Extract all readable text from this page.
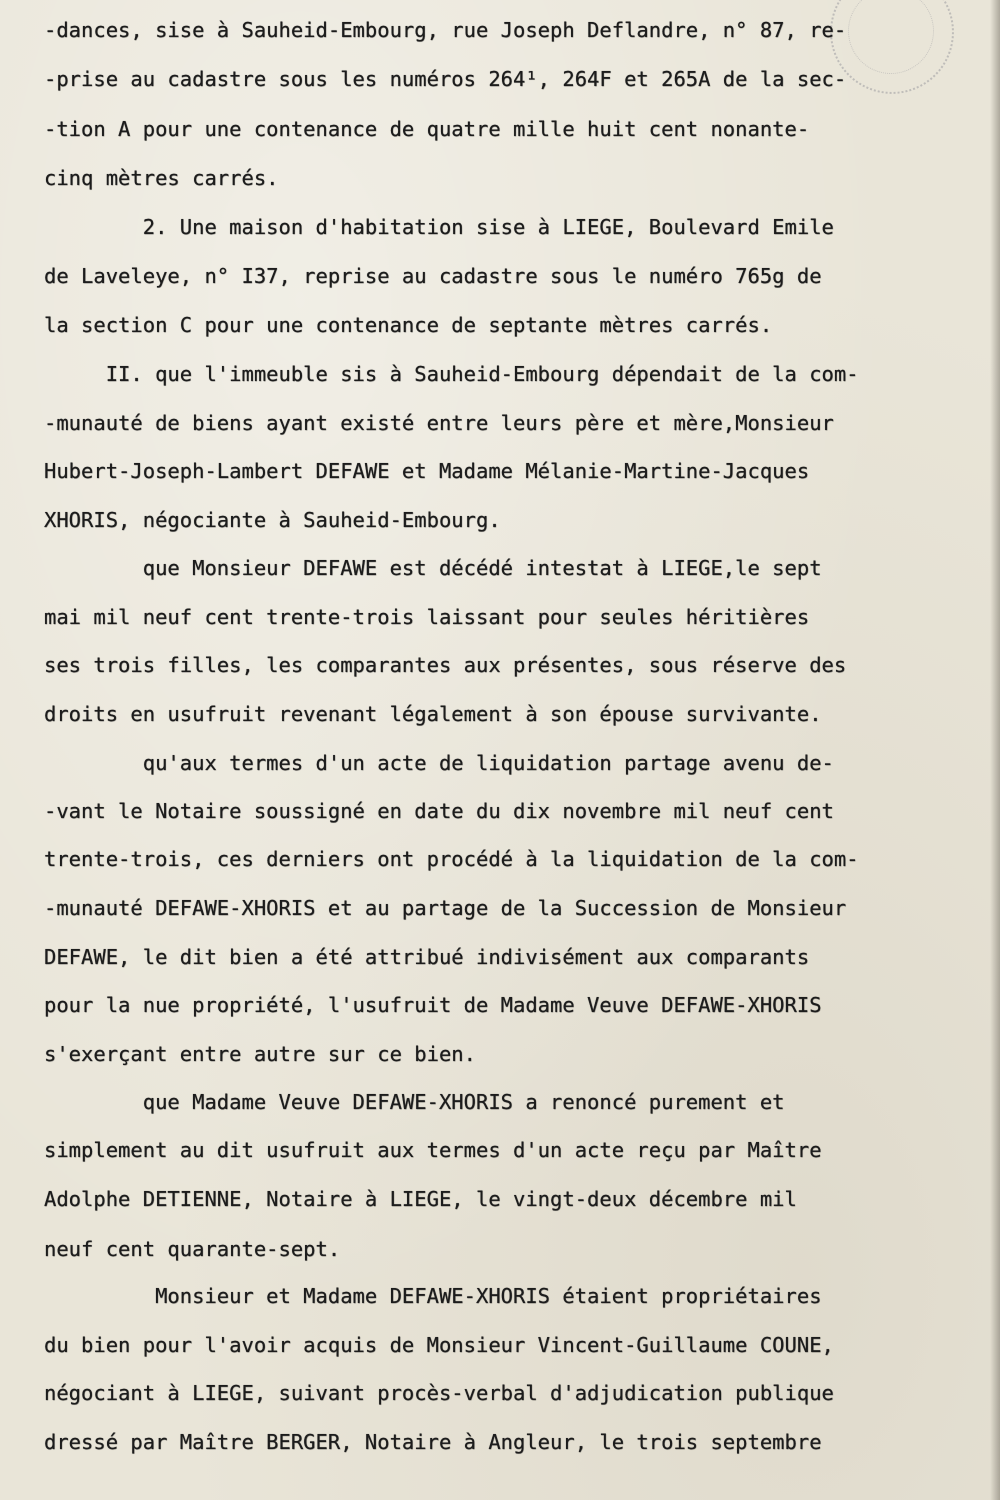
-dances, sise à Sauheid-Embourg, rue Joseph Deflandre, n° 87, re-

-prise au cadastre sous les numéros 264¹, 264F et 265A de la sec-

-tion A pour une contenance de quatre mille huit cent nonante-

cinq mètres carrés.

2. Une maison d'habitation sise à LIEGE, Boulevard Emile

de Laveleye, n° I37, reprise au cadastre sous le numéro 765g de

la section C pour une contenance de septante mètres carrés.

II. que l'immeuble sis à Sauheid-Embourg dépendait de la com-

-munauté de biens ayant existé entre leurs père et mère,Monsieur

Hubert-Joseph-Lambert DEFAWE et Madame Mélanie-Martine-Jacques

XHORIS, négociante à Sauheid-Embourg.

que Monsieur DEFAWE est décédé intestat à LIEGE,le sept

mai mil neuf cent trente-trois laissant pour seules héritières

ses trois filles, les comparantes aux présentes, sous réserve des

droits en usufruit revenant légalement à son épouse survivante.

qu'aux termes d'un acte de liquidation partage avenu de-

-vant le Notaire soussigné en date du dix novembre mil neuf cent

trente-trois, ces derniers ont procédé à la liquidation de la com-

-munauté DEFAWE-XHORIS et au partage de la Succession de Monsieur

DEFAWE, le dit bien a été attribué indivisément aux comparants

pour la nue propriété, l'usufruit de Madame Veuve DEFAWE-XHORIS

s'exerçant entre autre sur ce bien.

que Madame Veuve DEFAWE-XHORIS a renoncé purement et

simplement au dit usufruit aux termes d'un acte reçu par Maître

Adolphe DETIENNE, Notaire à LIEGE, le vingt-deux décembre mil

neuf cent quarante-sept.

Monsieur et Madame DEFAWE-XHORIS étaient propriétaires

du bien pour l'avoir acquis de Monsieur Vincent-Guillaume COUNE,

négociant à LIEGE, suivant procès-verbal d'adjudication publique

dressé par Maître BERGER, Notaire à Angleur, le trois septembre
